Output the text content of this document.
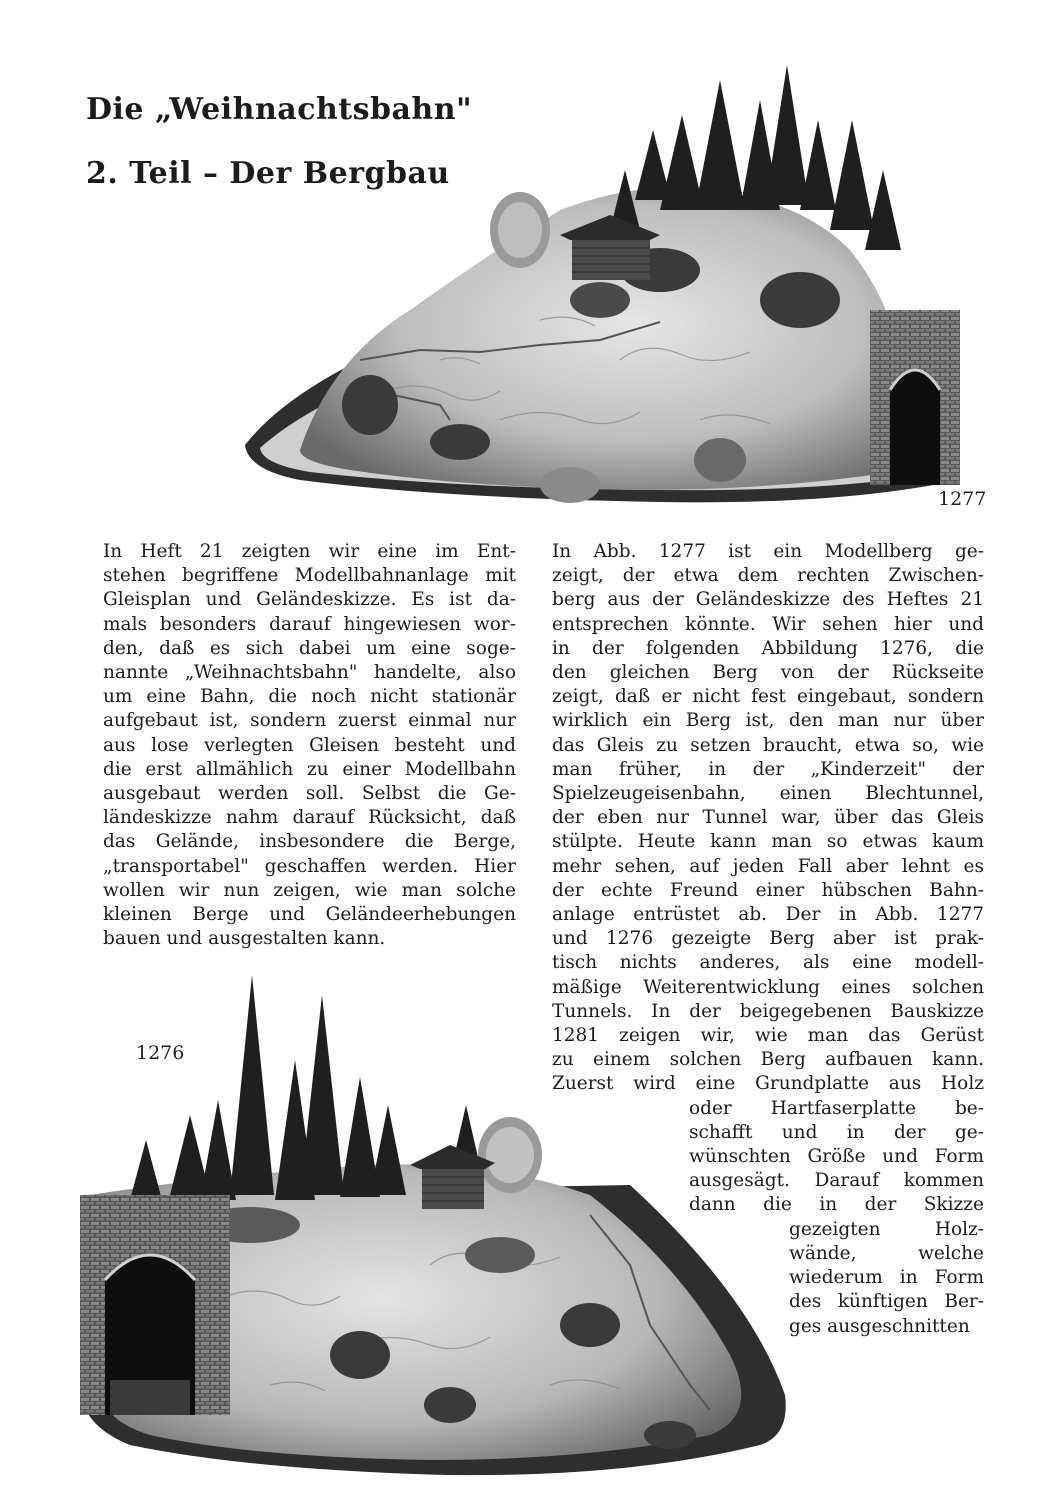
Die „Weihnachtsbahn"
2. Teil – Der Bergbau
1277

In Heft 21 zeigten wir eine im Ent-
stehen begriffene Modellbahnanlage mit
Gleisplan und Geländeskizze. Es ist da-
mals besonders darauf hingewiesen wor-
den, daß es sich dabei um eine soge-
nannte „Weihnachtsbahn" handelte, also
um eine Bahn, die noch nicht stationär
aufgebaut ist, sondern zuerst einmal nur
aus lose verlegten Gleisen besteht und
die erst allmählich zu einer Modellbahn
ausgebaut werden soll. Selbst die Ge-
ländeskizze nahm darauf Rücksicht, daß
das Gelände, insbesondere die Berge,
„transportabel" geschaffen werden. Hier
wollen wir nun zeigen, wie man solche
kleinen Berge und Geländeerhebungen
bauen und ausgestalten kann.

In Abb. 1277 ist ein Modellberg ge-
zeigt, der etwa dem rechten Zwischen-
berg aus der Geländeskizze des Heftes 21
entsprechen könnte. Wir sehen hier und
in der folgenden Abbildung 1276, die
den gleichen Berg von der Rückseite
zeigt, daß er nicht fest eingebaut, sondern
wirklich ein Berg ist, den man nur über
das Gleis zu setzen braucht, etwa so, wie
man früher, in der „Kinderzeit" der
Spielzeugeisenbahn, einen Blechtunnel,
der eben nur Tunnel war, über das Gleis
stülpte. Heute kann man so etwas kaum
mehr sehen, auf jeden Fall aber lehnt es
der echte Freund einer hübschen Bahn-
anlage entrüstet ab. Der in Abb. 1277
und 1276 gezeigte Berg aber ist prak-
tisch nichts anderes, als eine modell-
mäßige Weiterentwicklung eines solchen
Tunnels. In der beigegebenen Bauskizze
1281 zeigen wir, wie man das Gerüst
zu einem solchen Berg aufbauen kann.
Zuerst wird eine Grundplatte aus Holz
oder Hartfaserplatte be-
schafft und in der ge-
wünschten Größe und Form
ausgesägt. Darauf kommen
dann die in der Skizze
gezeigten Holz-
wände, welche
wiederum in Form
des künftigen Ber-
ges ausgeschnitten

1276
